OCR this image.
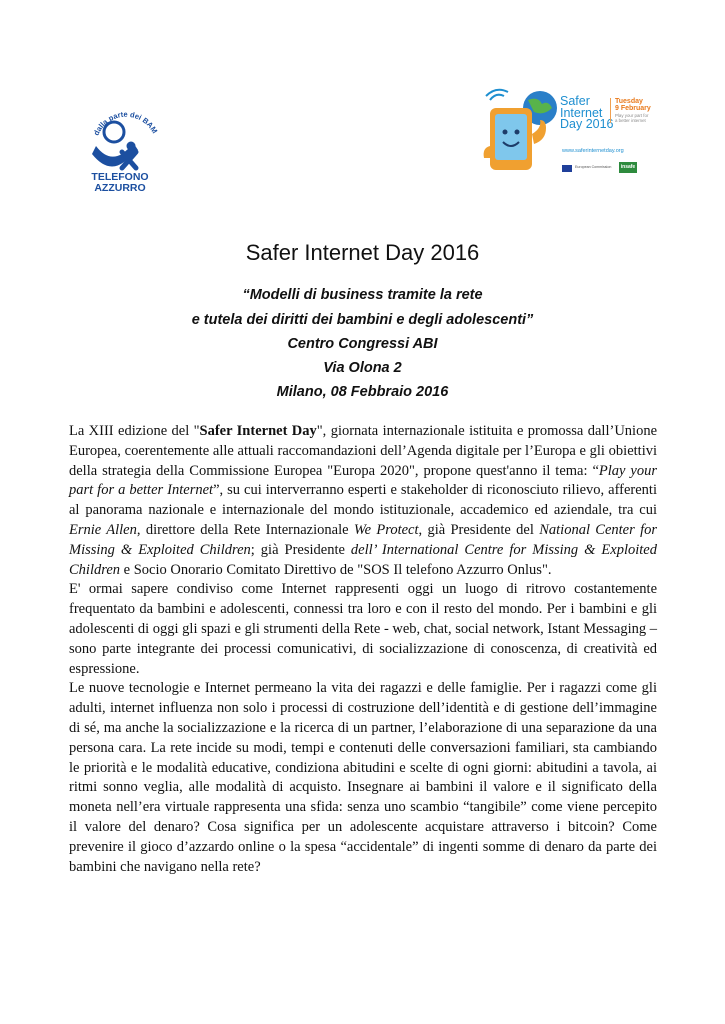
dalla parte dei BAM
TELEFONO
AZZURRO
Safer
Internet
Day 2016
Tuesday
9 February
Play your part for a better internet
www.saferinternetday.org
European Commission	insafe
Safer Internet Day 2016
“Modelli di business tramite la rete
e tutela dei diritti dei bambini e degli adolescenti”
Centro Congressi ABI
Via Olona 2
Milano, 08 Febbraio 2016

La XIII edizione del "Safer Internet Day", giornata internazionale istituita e promossa dall’Unione Europea, coerentemente alle attuali raccomandazioni dell’Agenda digitale per l’Europa e gli obiettivi della strategia della Commissione Europea "Europa 2020", propone quest'anno il tema: “Play your part for a better Internet”, su cui interverranno esperti e stakeholder di riconosciuto rilievo, afferenti al panorama nazionale e internazionale del mondo istituzionale, accademico ed aziendale, tra cui Ernie Allen, direttore della Rete Internazionale We Protect, già Presidente del National Center for Missing & Exploited Children; già Presidente dell’ International Centre for Missing & Exploited Children e Socio Onorario Comitato Direttivo de "SOS Il telefono Azzurro Onlus".

E' ormai sapere condiviso come Internet rappresenti oggi un luogo di ritrovo costantemente frequentato da bambini e adolescenti, connessi tra loro e con il resto del mondo. Per i bambini e gli adolescenti di oggi gli spazi e gli strumenti della Rete - web, chat, social network, Istant Messaging – sono parte integrante dei processi comunicativi, di socializzazione di conoscenza, di creatività ed espressione.

Le nuove tecnologie e Internet permeano la vita dei ragazzi e delle famiglie. Per i ragazzi come gli adulti, internet influenza non solo i processi di costruzione dell’identità e di gestione dell’immagine di sé, ma anche la socializzazione e la ricerca di un partner, l’elaborazione di una separazione da una persona cara. La rete incide su modi, tempi e contenuti delle conversazioni familiari, sta cambiando le priorità e le modalità educative, condiziona abitudini e scelte di ogni giorni: abitudini a tavola, ai ritmi sonno veglia, alle modalità di acquisto. Insegnare ai bambini il valore e il significato della moneta nell’era virtuale rappresenta una sfida: senza uno scambio “tangibile” come viene percepito il valore del denaro? Cosa significa per un adolescente acquistare attraverso i bitcoin? Come prevenire il gioco d’azzardo online o la spesa “accidentale” di ingenti somme di denaro da parte dei bambini che navigano nella rete?
